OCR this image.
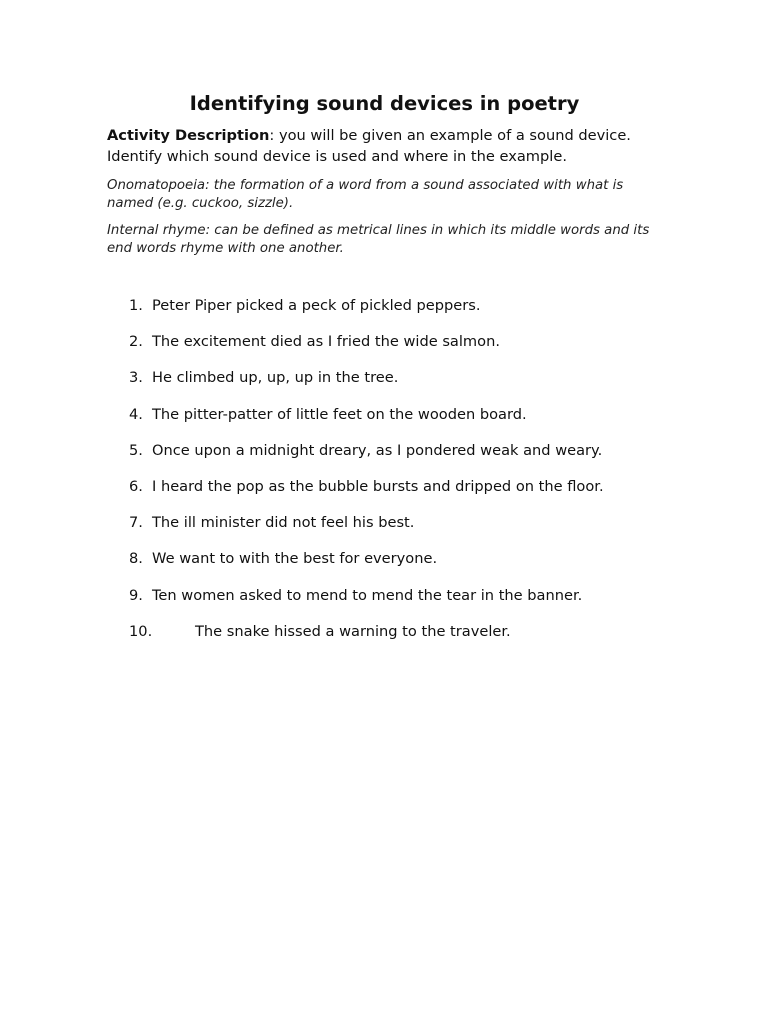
Identifying sound devices in poetry

Activity Description: you will be given an example of a sound device. Identify which sound device is used and where in the example.

Onomatopoeia: the formation of a word from a sound associated with what is named (e.g. cuckoo, sizzle).

Internal rhyme: can be defined as metrical lines in which its middle words and its end words rhyme with one another.

1. Peter Piper picked a peck of pickled peppers.
2. The excitement died as I fried the wide salmon.
3. He climbed up, up, up in the tree.
4. The pitter-patter of little feet on the wooden board.
5. Once upon a midnight dreary, as I pondered weak and weary.
6. I heard the pop as the bubble bursts and dripped on the floor.
7. The ill minister did not feel his best.
8. We want to with the best for everyone.
9. Ten women asked to mend to mend the tear in the banner.
10.	The snake hissed a warning to the traveler.
